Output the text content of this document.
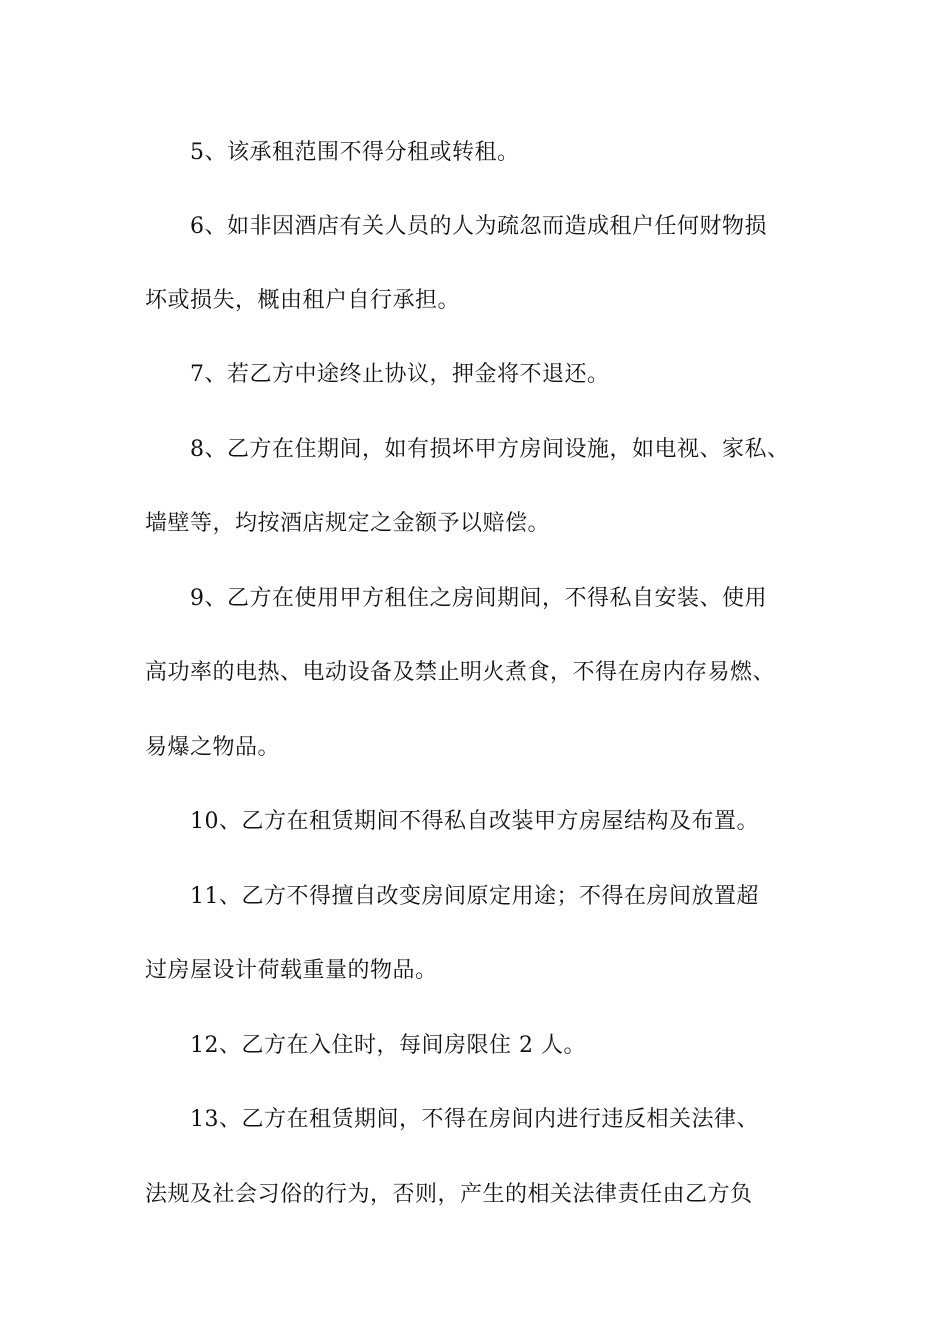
5、该承租范围不得分租或转租。
6、如非因酒店有关人员的人为疏忽而造成租户任何财物损
坏或损失，概由租户自行承担。
7、若乙方中途终止协议，押金将不退还。
8、乙方在住期间，如有损坏甲方房间设施，如电视、家私、
墙壁等，均按酒店规定之金额予以赔偿。
9、乙方在使用甲方租住之房间期间，不得私自安装、使用
高功率的电热、电动设备及禁止明火煮食，不得在房内存易燃、
易爆之物品。
10、乙方在租赁期间不得私自改装甲方房屋结构及布置。
11、乙方不得擅自改变房间原定用途；不得在房间放置超
过房屋设计荷载重量的物品。
12、乙方在入住时，每间房限住 2 人。
13、乙方在租赁期间，不得在房间内进行违反相关法律、
法规及社会习俗的行为，否则，产生的相关法律责任由乙方负
